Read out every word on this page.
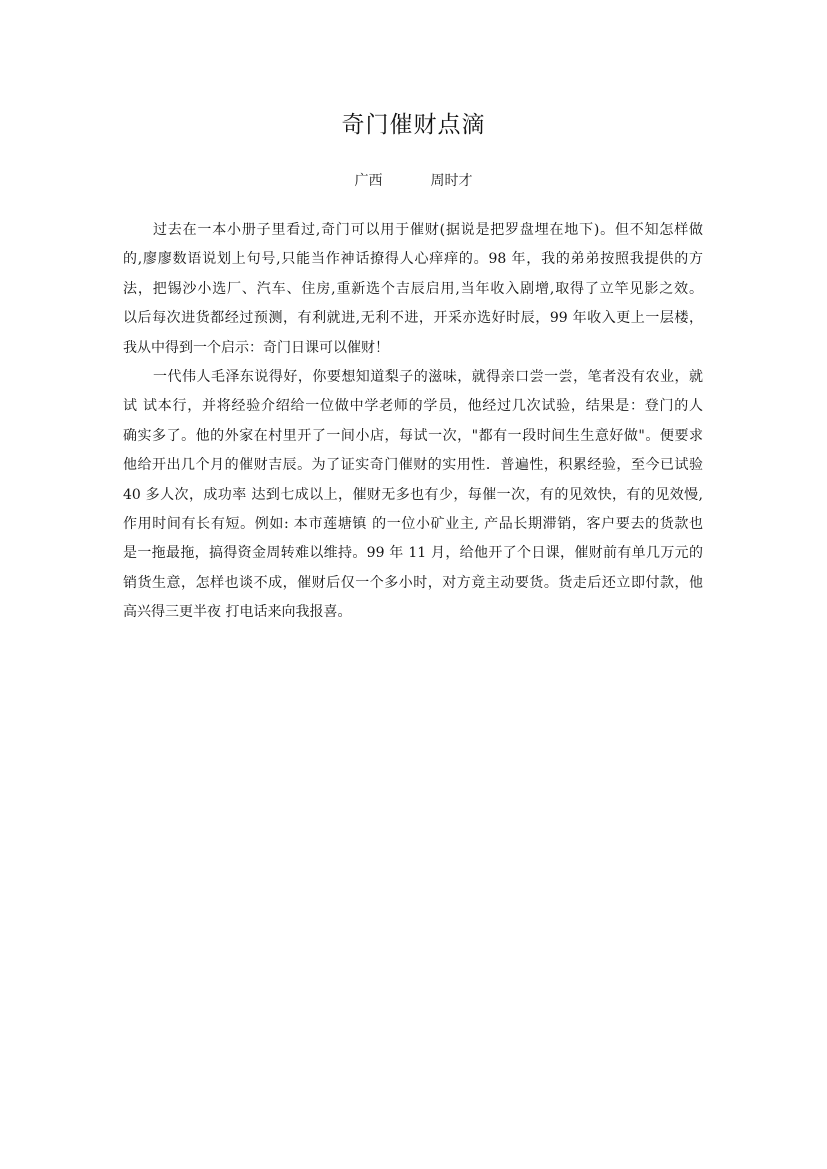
奇门催财点滴
广西	周时才
过去在一本小册子里看过,奇门可以用于催财(据说是把罗盘埋在地下)。但不知怎样做
的,廖廖数语说划上句号,只能当作神话撩得人心痒痒的。98 年，我的弟弟按照我提供的方
法，把锡沙小选厂、汽车、住房,重新选个吉辰启用,当年收入剧增,取得了立竿见影之效。
以后每次进货都经过预测，有利就进,无利不进，开采亦选好时辰，99 年收入更上一层楼，
我从中得到一个启示：奇门日课可以催财！
一代伟人毛泽东说得好，你要想知道梨子的滋味，就得亲口尝一尝，笔者没有农业，就
试 试本行，并将经验介绍给一位做中学老师的学员，他经过几次试验，结果是：登门的人
确实多了。他的外家在村里开了一间小店，每试一次，"都有一段时间生生意好做"。便要求
他给开出几个月的催财吉辰。为了证实奇门催财的实用性．普遍性，积累经验，至今已试验
40 多人次，成功率 达到七成以上，催财无多也有少，每催一次，有的见效快，有的见效慢,
作用时间有长有短。例如: 本市莲塘镇 的一位小矿业主, 产品长期滞销，客户要去的货款也
是一拖最拖，搞得资金周转难以维持。99 年 11 月，给他开了个日课，催财前有单几万元的
销货生意，怎样也谈不成，催财后仅一个多小时，对方竟主动要货。货走后还立即付款，他
高兴得三更半夜 打电话来向我报喜。
